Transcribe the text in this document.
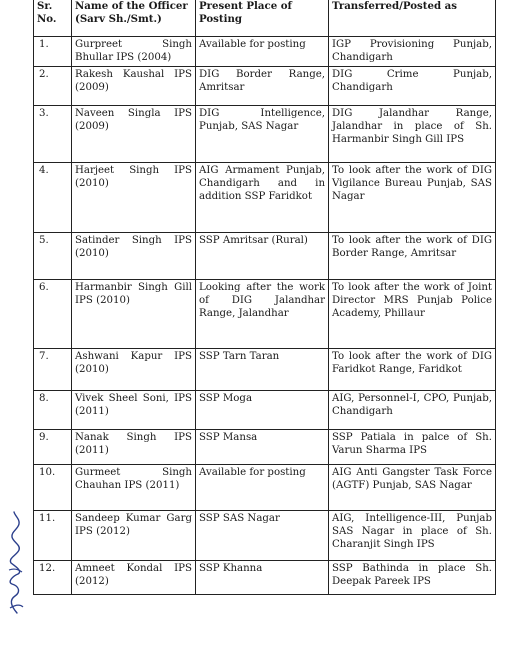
Sr. No.	Name of the Officer (Sarv Sh./Smt.)	Present Place of Posting	Transferred/Posted as
1.	Gurpreet Singh Bhullar IPS (2004)	Available for posting	IGP Provisioning Punjab, Chandigarh
2.	Rakesh Kaushal IPS (2009)	DIG Border Range, Amritsar	DIG Crime Punjab, Chandigarh
3.	Naveen Singla IPS (2009)	DIG Intelligence, Punjab, SAS Nagar	DIG Jalandhar Range, Jalandhar in place of Sh. Harmanbir Singh Gill IPS
4.	Harjeet Singh IPS (2010)	AIG Armament Punjab, Chandigarh and in addition SSP Faridkot	To look after the work of DIG Vigilance Bureau Punjab, SAS Nagar
5.	Satinder Singh IPS (2010)	SSP Amritsar (Rural)	To look after the work of DIG Border Range, Amritsar
6.	Harmanbir Singh Gill IPS (2010)	Looking after the work of DIG Jalandhar Range, Jalandhar	To look after the work of Joint Director MRS Punjab Police Academy, Phillaur
7.	Ashwani Kapur IPS (2010)	SSP Tarn Taran	To look after the work of DIG Faridkot Range, Faridkot
8.	Vivek Sheel Soni, IPS (2011)	SSP Moga	AIG, Personnel-I, CPO, Punjab, Chandigarh
9.	Nanak Singh IPS (2011)	SSP Mansa	SSP Patiala in palce of Sh. Varun Sharma IPS
10.	Gurmeet Singh Chauhan IPS (2011)	Available for posting	AIG Anti Gangster Task Force (AGTF) Punjab, SAS Nagar
11.	Sandeep Kumar Garg IPS (2012)	SSP SAS Nagar	AIG, Intelligence-III, Punjab SAS Nagar in place of Sh. Charanjit Singh IPS
12.	Amneet Kondal IPS (2012)	SSP Khanna	SSP Bathinda in place Sh. Deepak Pareek IPS
